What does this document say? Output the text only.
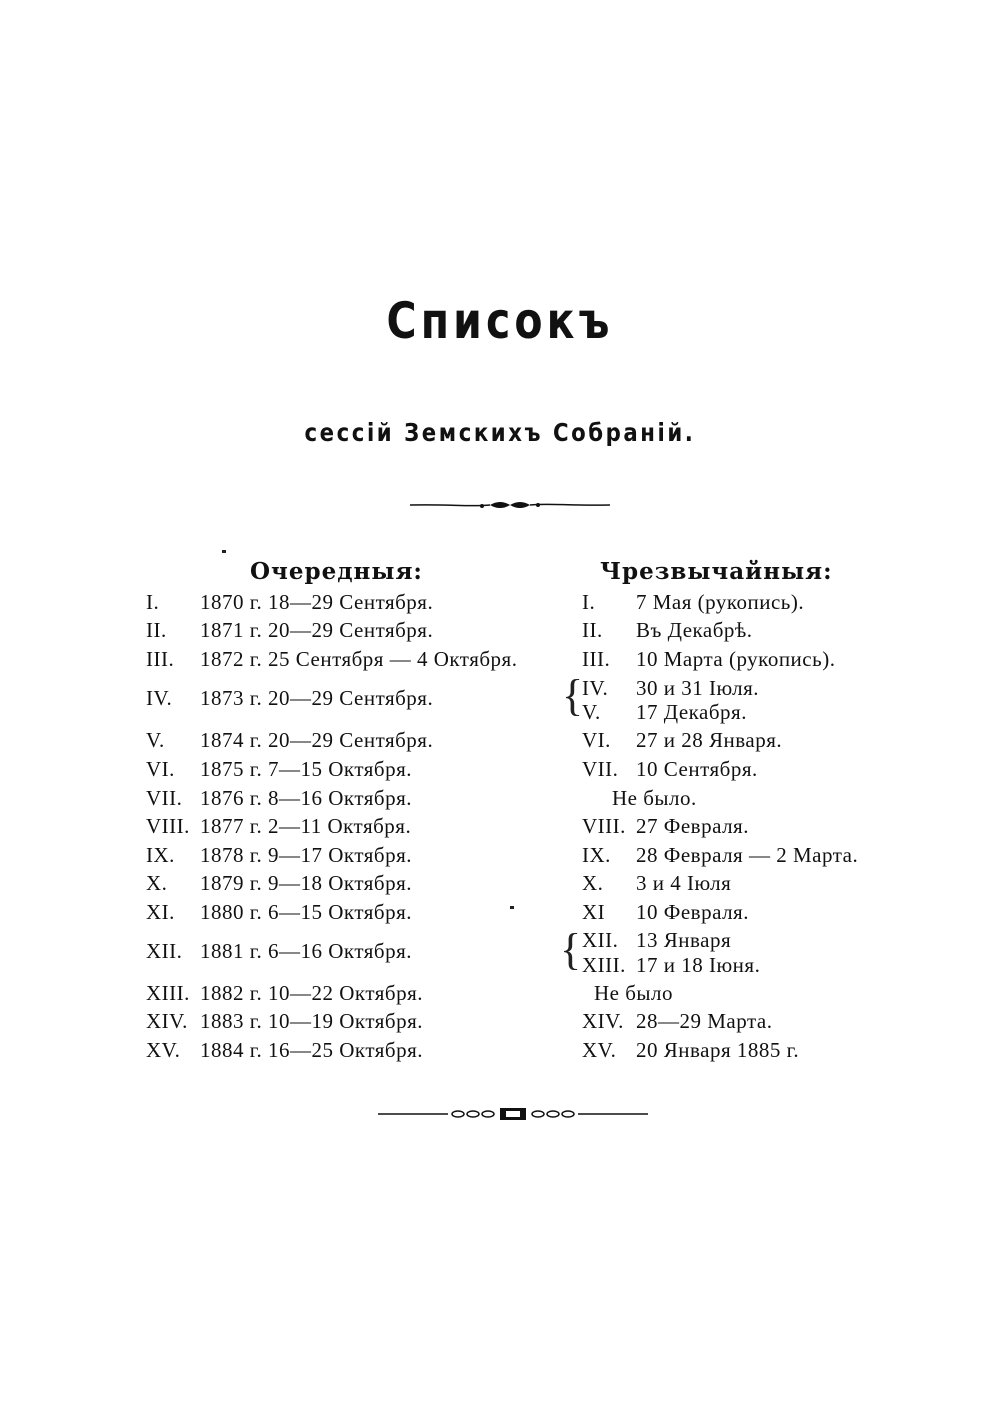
Списокъ
сессій Земскихъ Собраній.
Очередныя:	Чрезвычайныя:
I. 1870 г. 18—29 Сентября.
II. 1871 г. 20—29 Сентября.
III. 1872 г. 25 Сентября — 4 Октября.
IV. 1873 г. 20—29 Сентября.
V. 1874 г. 20—29 Сентября.
VI. 1875 г. 7—15 Октября.
VII. 1876 г. 8—16 Октября.
VIII. 1877 г. 2—11 Октября.
IX. 1878 г. 9—17 Октября.
X. 1879 г. 9—18 Октября.
XI. 1880 г. 6—15 Октября.
XII. 1881 г. 6—16 Октября.
XIII. 1882 г. 10—22 Октября.
XIV. 1883 г. 10—19 Октября.
XV. 1884 г. 16—25 Октября.
I. 7 Мая (рукопись).
II. Въ Декабрѣ.
III. 10 Марта (рукопись).
IV. 30 и 31 Іюля.
V. 17 Декабря.
VI. 27 и 28 Января.
VII. 10 Сентября.
Не было.
VIII. 27 Февраля.
IX. 28 Февраля — 2 Марта.
X. 3 и 4 Іюля
XI 10 Февраля.
XII. 13 Января
XIII. 17 и 18 Іюня.
Не было
XIV. 28—29 Марта.
XV. 20 Января 1885 г.
{
{
